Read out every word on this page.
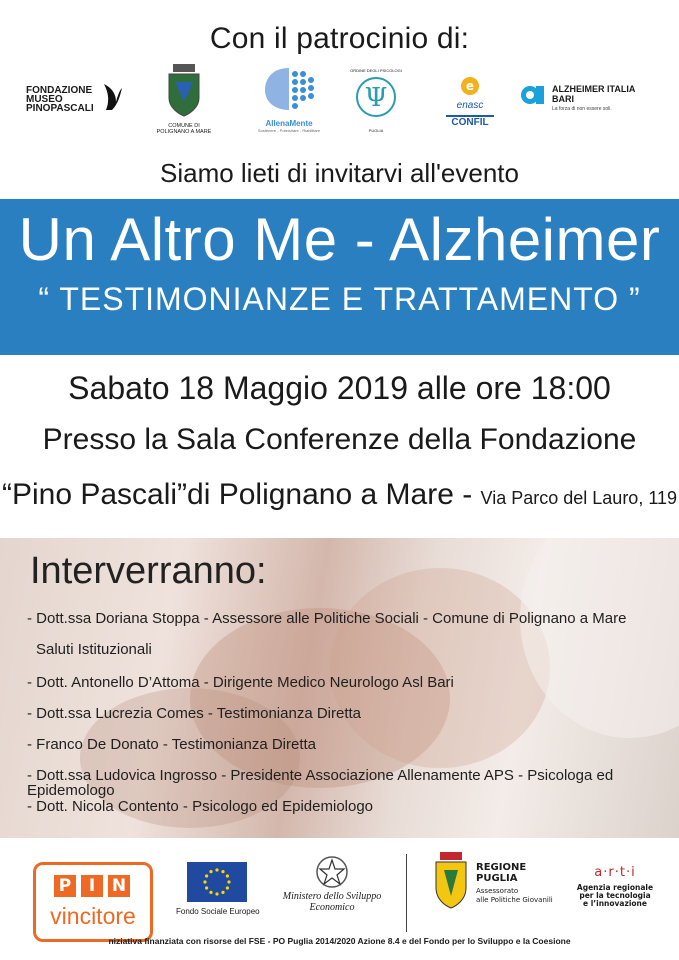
Con il patrocinio di:
FONDAZIONE
MUSEO
PINOPASCALI
COMUNE DI
POLIGNANO A MARE
AllenaMente
Sostenere - Potenziare - Riabilitare
ORDINE DEGLI PSICOLOGI
Ψ
PUGLIA
e
enasc
CONFIL
ALZHEIMER ITALIA
BARI
La forza di non essere soli.
Siamo lieti di invitarvi all'evento
Un Altro Me - Alzheimer
“ TESTIMONIANZE E TRATTAMENTO ”
Sabato 18 Maggio 2019 alle ore 18:00
Presso la Sala Conferenze della Fondazione
“Pino Pascali”di Polignano a Mare - Via Parco del Lauro, 119
Interverranno:
- Dott.ssa Doriana Stoppa - Assessore alle Politiche Sociali - Comune di Polignano a Mare
Saluti Istituzionali
- Dott. Antonello D’Attoma - Dirigente Medico Neurologo Asl Bari
- Dott.ssa Lucrezia Comes - Testimonianza Diretta
- Franco De Donato - Testimonianza Diretta
- Dott.ssa Ludovica Ingrosso - Presidente Associazione Allenamente APS - Psicologa ed Epidemologo
- Dott. Nicola Contento - Psicologo ed Epidemiologo
P	I N
vincitore	Fondo Sociale Europeo
Ministero dello Sviluppo Economico
REGIONE
PUGLIA
Assessorato
alle Politiche Giovanili
a·r·t·i
Agenzia regionale
per la tecnologia
e l’innovazione
niziativa finanziata con risorse del FSE - PO Puglia 2014/2020 Azione 8.4 e del Fondo per lo Sviluppo e la Coesione
